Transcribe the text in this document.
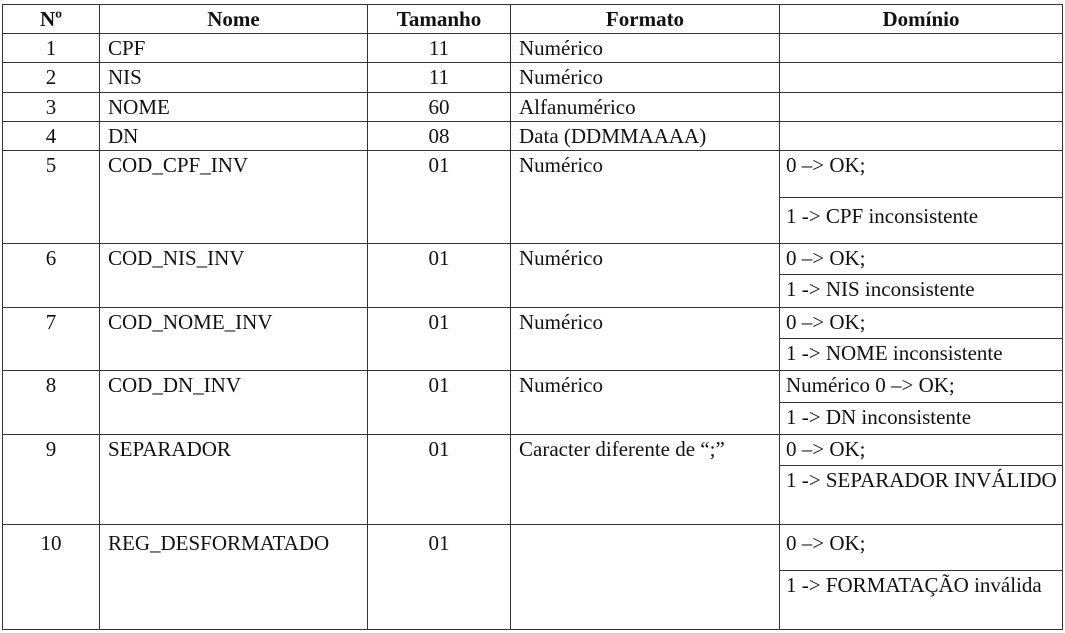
Nº	Nome	Tamanho	Formato	Domínio
1	CPF	11	Numérico	
2	NIS	11	Numérico	
3	NOME	60	Alfanumérico	
4	DN	08	Data (DDMMAAAA)	
5	COD_CPF_INV	01	Numérico	0 –> OK;
				1 -> CPF inconsistente
6	COD_NIS_INV	01	Numérico	0 –> OK;
				1 -> NIS inconsistente
7	COD_NOME_INV	01	Numérico	0 –> OK;
				1 -> NOME inconsistente
8	COD_DN_INV	01	Numérico	Numérico 0 –> OK;
				1 -> DN inconsistente
9	SEPARADOR	01	Caracter diferente de “;”	0 –> OK;
				1 -> SEPARADOR INVÁLIDO
10	REG_DESFORMATADO	01		0 –> OK;
				1 -> FORMATAÇÃO inválida
